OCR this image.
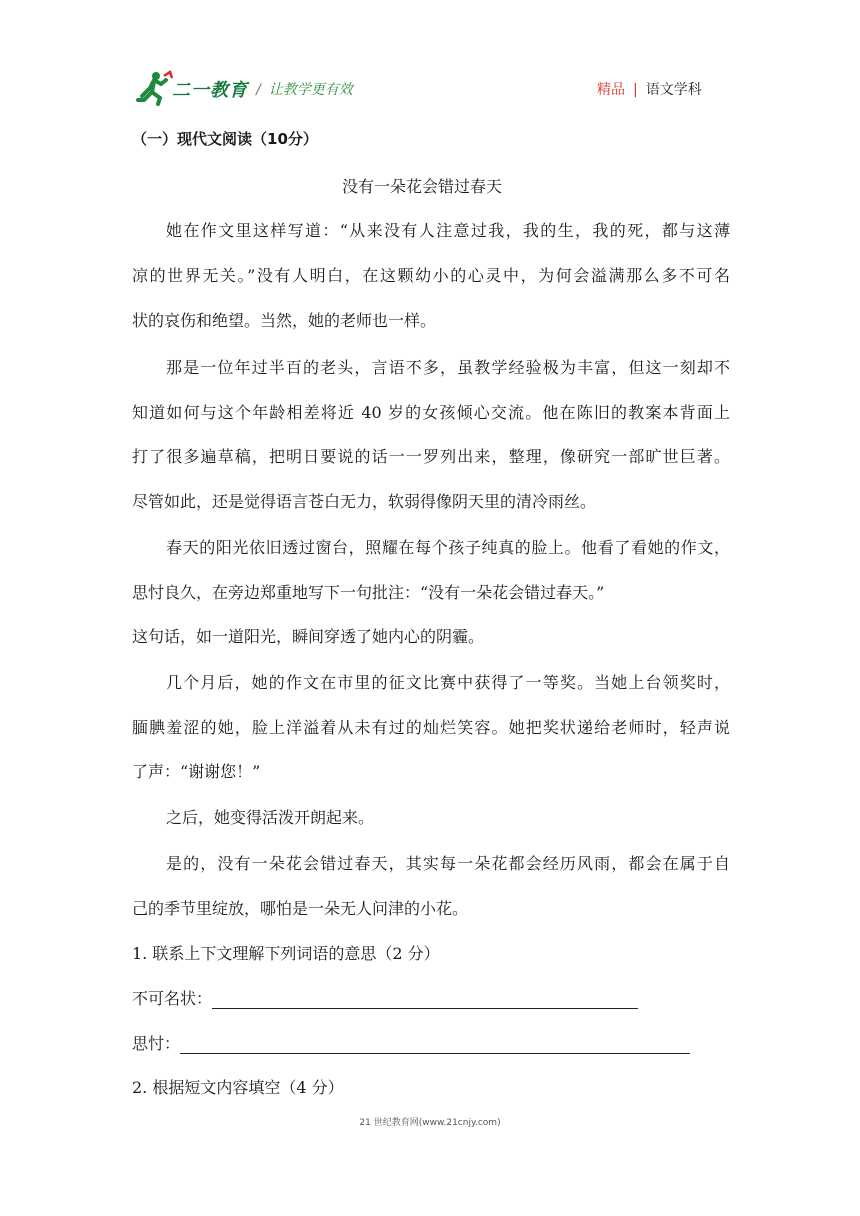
二一教育 / 让教学更有效	精品 | 语文学科
（一）现代文阅读（10分）
没有一朵花会错过春天
她在作文里这样写道：“从来没有人注意过我，我的生，我的死，都与这薄
凉的世界无关。”没有人明白，在这颗幼小的心灵中，为何会溢满那么多不可名
状的哀伤和绝望。当然，她的老师也一样。
那是一位年过半百的老头，言语不多，虽教学经验极为丰富，但这一刻却不
知道如何与这个年龄相差将近 40 岁的女孩倾心交流。他在陈旧的教案本背面上
打了很多遍草稿，把明日要说的话一一罗列出来，整理，像研究一部旷世巨著。
尽管如此，还是觉得语言苍白无力，软弱得像阴天里的清冷雨丝。
春天的阳光依旧透过窗台，照耀在每个孩子纯真的脸上。他看了看她的作文，
思忖良久，在旁边郑重地写下一句批注：“没有一朵花会错过春天。”
这句话，如一道阳光，瞬间穿透了她内心的阴霾。
几个月后，她的作文在市里的征文比赛中获得了一等奖。当她上台领奖时，
腼腆羞涩的她，脸上洋溢着从未有过的灿烂笑容。她把奖状递给老师时，轻声说
了声：“谢谢您！”
之后，她变得活泼开朗起来。
是的，没有一朵花会错过春天，其实每一朵花都会经历风雨，都会在属于自
己的季节里绽放，哪怕是一朵无人问津的小花。
1. 联系上下文理解下列词语的意思（2 分）
不可名状：
思忖：
2. 根据短文内容填空（4 分）
21 世纪教育网(www.21cnjy.com)
